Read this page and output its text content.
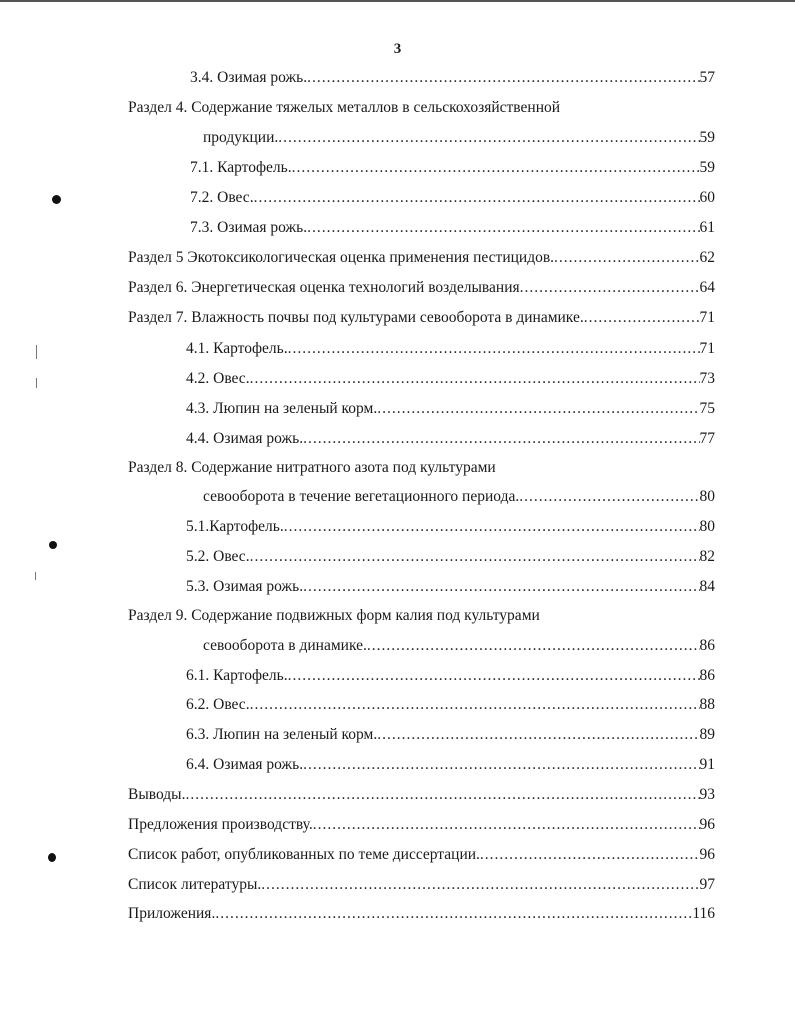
3
3.4. Озимая рожь. .....	57
Раздел 4. Содержание тяжелых металлов в сельскохозяйственной
продукции. .....	59
7.1. Картофель. .....	59
7.2. Овес. .....	60
7.3. Озимая рожь. .....	61
Раздел 5 Экотоксикологическая оценка применения пестицидов. .....	62
Раздел 6. Энергетическая оценка технологий возделывания .....	64
Раздел 7. Влажность почвы под культурами севооборота в динамике. .....	71
4.1. Картофель. .....	71
4.2. Овес. .....	73
4.3. Люпин на зеленый корм. .....	75
4.4. Озимая рожь. .....	77
Раздел 8. Содержание нитратного азота под культурами
севооборота в течение вегетационного периода. .....	80
5.1.Картофель. .....	80
5.2. Овес. .....	82
5.3. Озимая рожь. .....	84
Раздел 9. Содержание подвижных форм калия под культурами
севооборота в динамике. .....	86
6.1. Картофель. .....	86
6.2. Овес. .....	88
6.3. Люпин на зеленый корм. .....	89
6.4. Озимая рожь. .....	91
Выводы. .....	93
Предложения производству. .....	96
Список работ, опубликованных по теме диссертации. .....	96
Список литературы. .....	97
Приложения. .....	116
